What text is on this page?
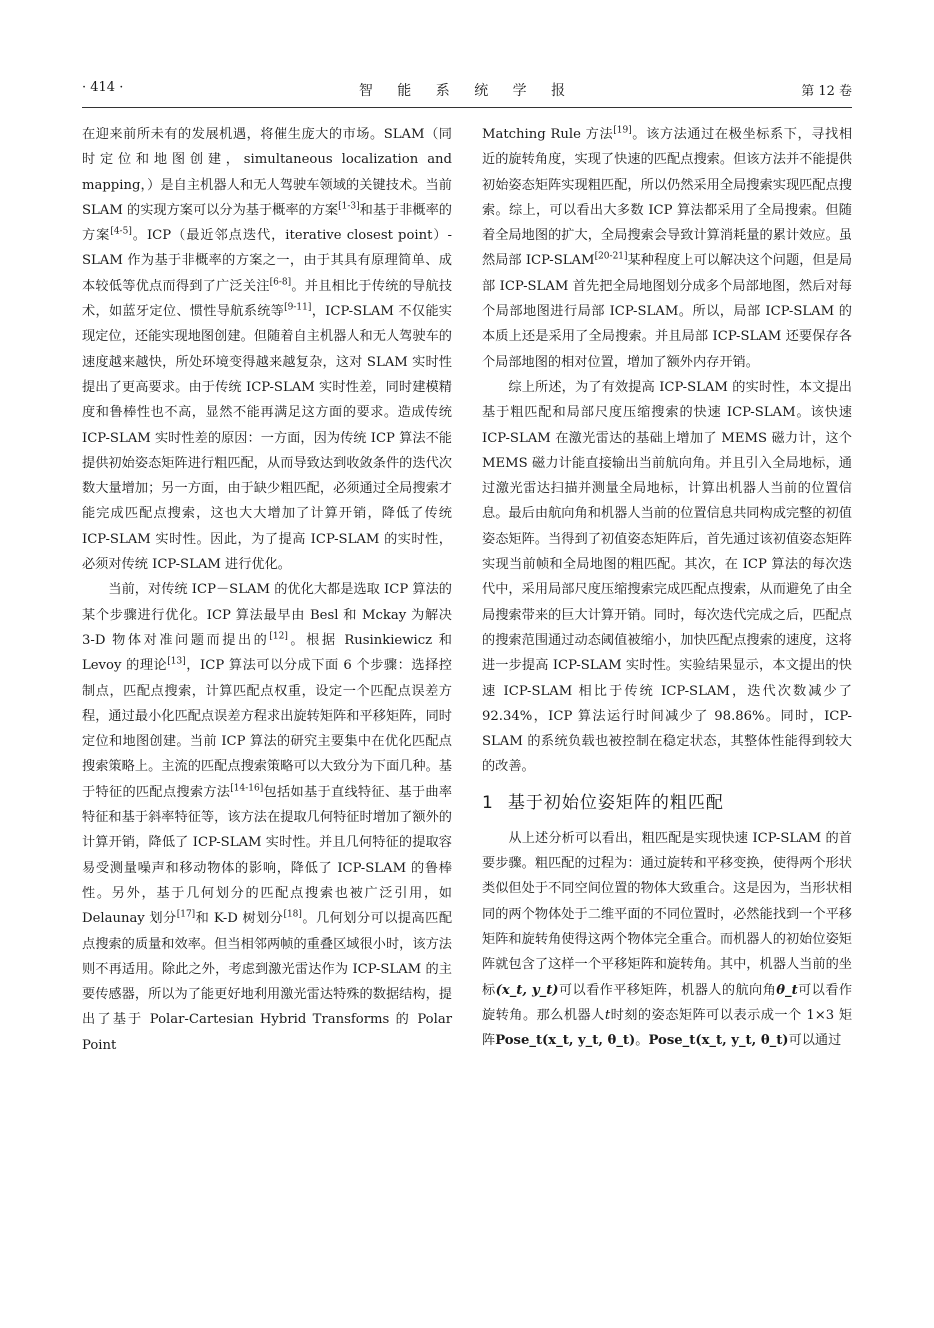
· 414 ·	智 能 系 统 学 报	第 12 卷

在迎来前所未有的发展机遇，将催生庞大的市场。SLAM（同时定位和地图创建，simultaneous localization and mapping，）是自主机器人和无人驾驶车领域的关键技术。当前 SLAM 的实现方案可以分为基于概率的方案[1-3]和基于非概率的方案[4-5]。ICP（最近邻点迭代，iterative closest point）-SLAM 作为基于非概率的方案之一，由于其具有原理简单、成本较低等优点而得到了广泛关注[6-8]。并且相比于传统的导航技术，如蓝牙定位、惯性导航系统等[9-11]，ICP-SLAM 不仅能实现定位，还能实现地图创建。但随着自主机器人和无人驾驶车的速度越来越快，所处环境变得越来越复杂，这对 SLAM 实时性提出了更高要求。由于传统 ICP-SLAM 实时性差，同时建模精度和鲁棒性也不高，显然不能再满足这方面的要求。造成传统 ICP-SLAM 实时性差的原因：一方面，因为传统 ICP 算法不能提供初始姿态矩阵进行粗匹配，从而导致达到收敛条件的迭代次数大量增加；另一方面，由于缺少粗匹配，必须通过全局搜索才能完成匹配点搜索，这也大大增加了计算开销，降低了传统 ICP-SLAM 实时性。因此，为了提高 ICP-SLAM 的实时性，必须对传统 ICP-SLAM 进行优化。

当前，对传统 ICP－SLAM 的优化大都是选取 ICP 算法的某个步骤进行优化。ICP 算法最早由 Besl 和 Mckay 为解决 3-D 物体对准问题而提出的[12]。根据 Rusinkiewicz 和 Levoy 的理论[13]，ICP 算法可以分成下面 6 个步骤：选择控制点，匹配点搜索，计算匹配点权重，设定一个匹配点误差方程，通过最小化匹配点误差方程求出旋转矩阵和平移矩阵，同时定位和地图创建。当前 ICP 算法的研究主要集中在优化匹配点搜索策略上。主流的匹配点搜索策略可以大致分为下面几种。基于特征的匹配点搜索方法[14-16]包括如基于直线特征、基于曲率特征和基于斜率特征等，该方法在提取几何特征时增加了额外的计算开销，降低了 ICP-SLAM 实时性。并且几何特征的提取容易受测量噪声和移动物体的影响，降低了 ICP-SLAM 的鲁棒性。另外，基于几何划分的匹配点搜索也被广泛引用，如 Delaunay 划分[17]和 K-D 树划分[18]。几何划分可以提高匹配点搜索的质量和效率。但当相邻两帧的重叠区域很小时，该方法则不再适用。除此之外，考虑到激光雷达作为 ICP-SLAM 的主要传感器，所以为了能更好地利用激光雷达特殊的数据结构，提出了基于 Polar-Cartesian Hybrid Transforms 的 Polar Point

Matching Rule 方法[19]。该方法通过在极坐标系下，寻找相近的旋转角度，实现了快速的匹配点搜索。但该方法并不能提供初始姿态矩阵实现粗匹配，所以仍然采用全局搜索实现匹配点搜索。综上，可以看出大多数 ICP 算法都采用了全局搜索。但随着全局地图的扩大，全局搜索会导致计算消耗量的累计效应。虽然局部 ICP-SLAM[20-21]某种程度上可以解决这个问题，但是局部 ICP-SLAM 首先把全局地图划分成多个局部地图，然后对每个局部地图进行局部 ICP-SLAM。所以，局部 ICP-SLAM 的本质上还是采用了全局搜索。并且局部 ICP-SLAM 还要保存各个局部地图的相对位置，增加了额外内存开销。

综上所述，为了有效提高 ICP-SLAM 的实时性，本文提出基于粗匹配和局部尺度压缩搜索的快速 ICP-SLAM。该快速 ICP-SLAM 在激光雷达的基础上增加了 MEMS 磁力计，这个 MEMS 磁力计能直接输出当前航向角。并且引入全局地标，通过激光雷达扫描并测量全局地标，计算出机器人当前的位置信息。最后由航向角和机器人当前的位置信息共同构成完整的初值姿态矩阵。当得到了初值姿态矩阵后，首先通过该初值姿态矩阵实现当前帧和全局地图的粗匹配。其次，在 ICP 算法的每次迭代中，采用局部尺度压缩搜索完成匹配点搜索，从而避免了由全局搜索带来的巨大计算开销。同时，每次迭代完成之后，匹配点的搜索范围通过动态阈值被缩小，加快匹配点搜索的速度，这将进一步提高 ICP-SLAM 实时性。实验结果显示，本文提出的快速 ICP-SLAM 相比于传统 ICP-SLAM，迭代次数减少了 92.34%，ICP 算法运行时间减少了 98.86%。同时，ICP-SLAM 的系统负载也被控制在稳定状态，其整体性能得到较大的改善。

1 基于初始位姿矩阵的粗匹配

从上述分析可以看出，粗匹配是实现快速 ICP-SLAM 的首要步骤。粗匹配的过程为：通过旋转和平移变换，使得两个形状类似但处于不同空间位置的物体大致重合。这是因为，当形状相同的两个物体处于二维平面的不同位置时，必然能找到一个平移矩阵和旋转角使得这两个物体完全重合。而机器人的初始位姿矩阵就包含了这样一个平移矩阵和旋转角。其中，机器人当前的坐标(x_t, y_t)可以看作平移矩阵，机器人的航向角θ_t可以看作旋转角。那么机器人t时刻的姿态矩阵可以表示成一个 1×3 矩阵Pose_t(x_t, y_t, θ_t)。Pose_t(x_t, y_t, θ_t)可以通过
